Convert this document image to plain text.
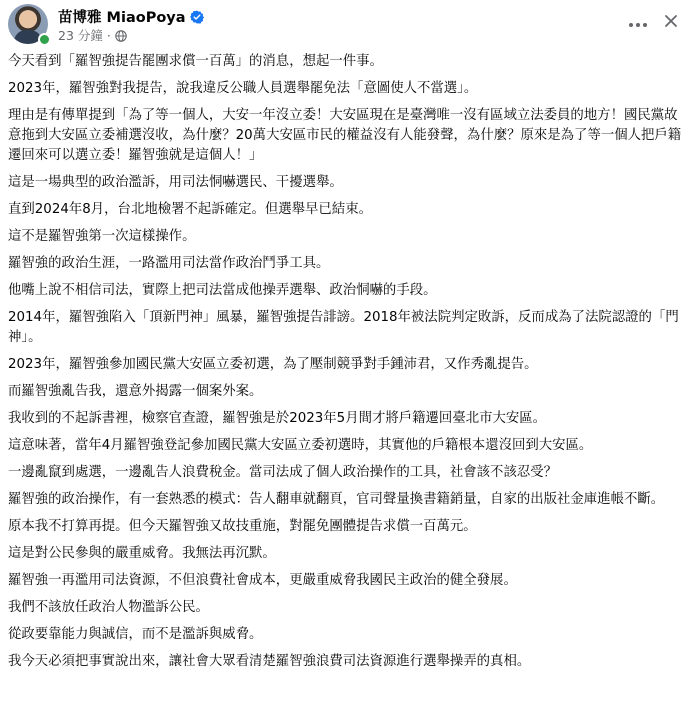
苗博雅 MiaoPoya
23 分鐘 ·

今天看到「羅智強提告罷團求償一百萬」的消息，想起一件事。

2023年，羅智強對我提告，說我違反公職人員選舉罷免法「意圖使人不當選」。

理由是有傳單提到「為了等一個人，大安一年沒立委！大安區現在是臺灣唯一沒有區域立法委員的地方！國民黨故意拖到大安區立委補選沒收，為什麼？20萬大安區市民的權益沒有人能發聲，為什麼？原來是為了等一個人把戶籍遷回來可以選立委！羅智強就是這個人！」

這是一場典型的政治濫訴，用司法恫嚇選民、干擾選舉。

直到2024年8月，台北地檢署不起訴確定。但選舉早已結束。

這不是羅智強第一次這樣操作。

羅智強的政治生涯，一路濫用司法當作政治鬥爭工具。

他嘴上說不相信司法，實際上把司法當成他操弄選舉、政治恫嚇的手段。

2014年，羅智強陷入「頂新門神」風暴，羅智強提告誹謗。2018年被法院判定敗訴，反而成為了法院認證的「門神」。

2023年，羅智強參加國民黨大安區立委初選，為了壓制競爭對手鍾沛君，又作秀亂提告。

而羅智強亂告我，還意外揭露一個案外案。

我收到的不起訴書裡，檢察官查證，羅智強是於2023年5月間才將戶籍遷回臺北市大安區。

這意味著，當年4月羅智強登記參加國民黨大安區立委初選時，其實他的戶籍根本還沒回到大安區。

一邊亂竄到處選，一邊亂告人浪費稅金。當司法成了個人政治操作的工具，社會該不該忍受？

羅智強的政治操作，有一套熟悉的模式：告人翻車就翻頁，官司聲量換書籍銷量，自家的出版社金庫進帳不斷。

原本我不打算再提。但今天羅智強又故技重施，對罷免團體提告求償一百萬元。

這是對公民參與的嚴重威脅。我無法再沉默。

羅智強一再濫用司法資源，不但浪費社會成本，更嚴重威脅我國民主政治的健全發展。

我們不該放任政治人物濫訴公民。

從政要靠能力與誠信，而不是濫訴與威脅。

我今天必須把事實說出來，讓社會大眾看清楚羅智強浪費司法資源進行選舉操弄的真相。
